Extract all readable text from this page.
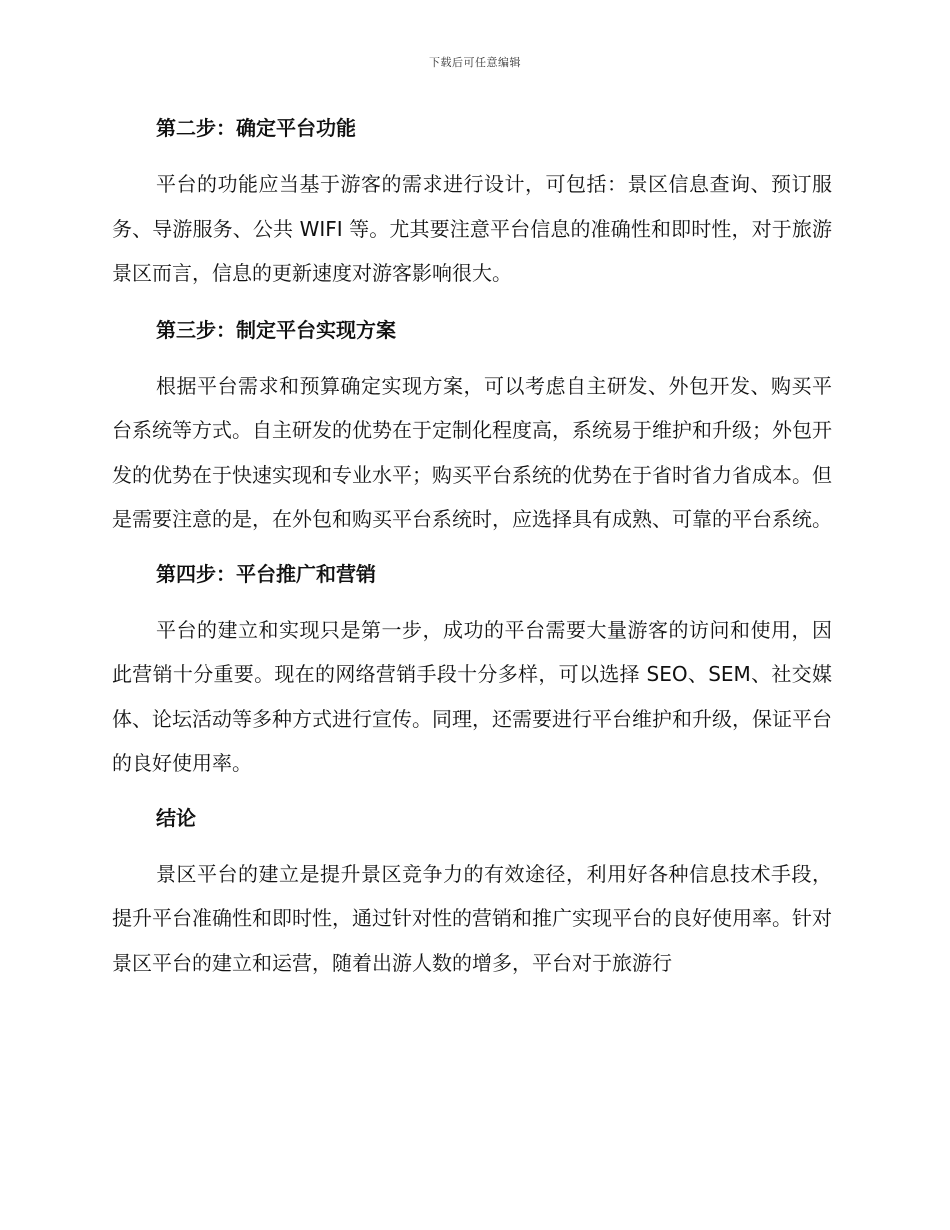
下载后可任意编辑
第二步：确定平台功能

平台的功能应当基于游客的需求进行设计，可包括：景区信息查询、预订服务、导游服务、公共 WIFI 等。尤其要注意平台信息的准确性和即时性，对于旅游景区而言，信息的更新速度对游客影响很大。

第三步：制定平台实现方案

根据平台需求和预算确定实现方案，可以考虑自主研发、外包开发、购买平台系统等方式。自主研发的优势在于定制化程度高，系统易于维护和升级；外包开发的优势在于快速实现和专业水平；购买平台系统的优势在于省时省力省成本。但是需要注意的是，在外包和购买平台系统时，应选择具有成熟、可靠的平台系统。

第四步：平台推广和营销

平台的建立和实现只是第一步，成功的平台需要大量游客的访问和使用，因此营销十分重要。现在的网络营销手段十分多样，可以选择 SEO、SEM、社交媒体、论坛活动等多种方式进行宣传。同理，还需要进行平台维护和升级，保证平台的良好使用率。

结论

景区平台的建立是提升景区竞争力的有效途径，利用好各种信息技术手段，提升平台准确性和即时性，通过针对性的营销和推广实现平台的良好使用率。针对景区平台的建立和运营，随着出游人数的增多，平台对于旅游行
